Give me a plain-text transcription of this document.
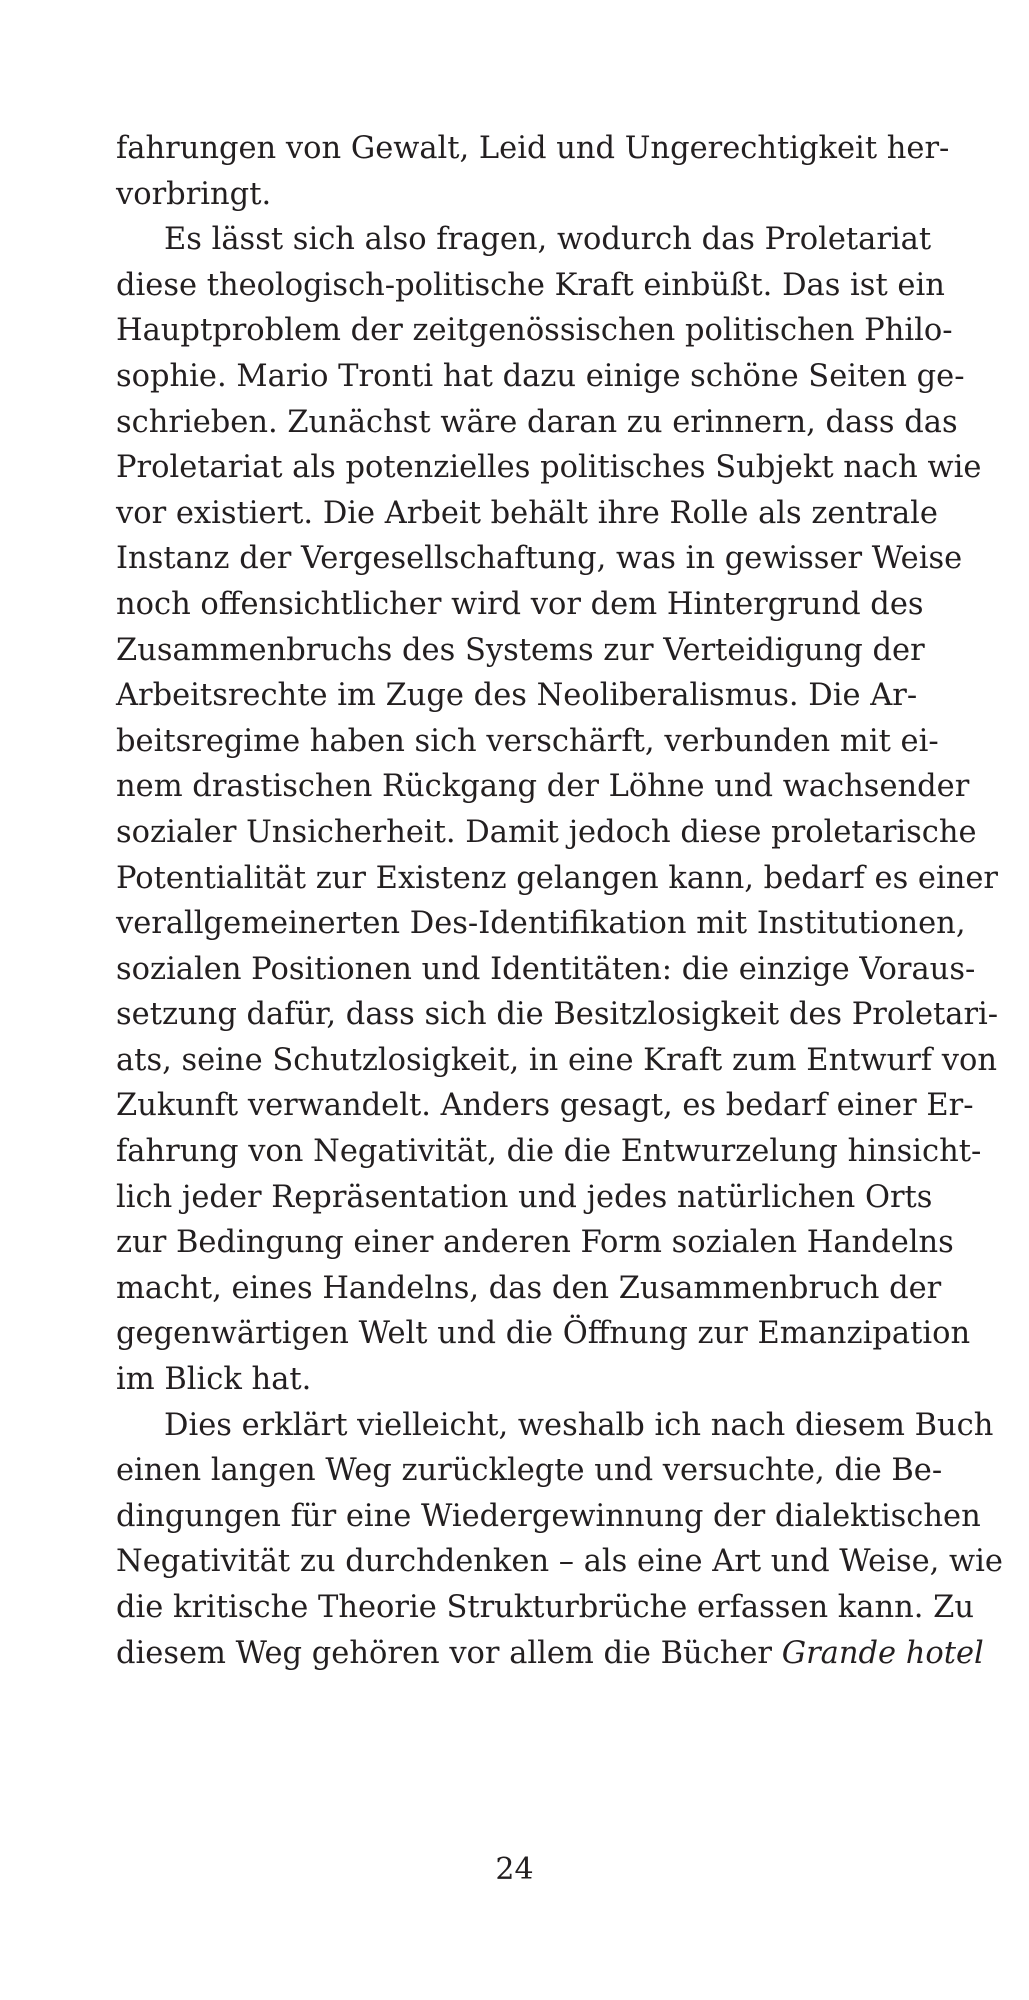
fahrungen von Gewalt, Leid und Ungerechtigkeit her-
vorbringt.
Es lässt sich also fragen, wodurch das Proletariat
diese theologisch-politische Kraft einbüßt. Das ist ein
Hauptproblem der zeitgenössischen politischen Philo-
sophie. Mario Tronti hat dazu einige schöne Seiten ge-
schrieben. Zunächst wäre daran zu erinnern, dass das
Proletariat als potenzielles politisches Subjekt nach wie
vor existiert. Die Arbeit behält ihre Rolle als zentrale
Instanz der Vergesellschaftung, was in gewisser Weise
noch offensichtlicher wird vor dem Hintergrund des
Zusammenbruchs des Systems zur Verteidigung der
Arbeitsrechte im Zuge des Neoliberalismus. Die Ar-
beitsregime haben sich verschärft, verbunden mit ei-
nem drastischen Rückgang der Löhne und wachsender
sozialer Unsicherheit. Damit jedoch diese proletarische
Potentialität zur Existenz gelangen kann, bedarf es einer
verallgemeinerten Des-Identifikation mit Institutionen,
sozialen Positionen und Identitäten: die einzige Voraus-
setzung dafür, dass sich die Besitzlosigkeit des Proletari-
ats, seine Schutzlosigkeit, in eine Kraft zum Entwurf von
Zukunft verwandelt. Anders gesagt, es bedarf einer Er-
fahrung von Negativität, die die Entwurzelung hinsicht-
lich jeder Repräsentation und jedes natürlichen Orts
zur Bedingung einer anderen Form sozialen Handelns
macht, eines Handelns, das den Zusammenbruch der
gegenwärtigen Welt und die Öffnung zur Emanzipation
im Blick hat.
Dies erklärt vielleicht, weshalb ich nach diesem Buch
einen langen Weg zurücklegte und versuchte, die Be-
dingungen für eine Wiedergewinnung der dialektischen
Negativität zu durchdenken – als eine Art und Weise, wie
die kritische Theorie Strukturbrüche erfassen kann. Zu
diesem Weg gehören vor allem die Bücher Grande hotel
24
